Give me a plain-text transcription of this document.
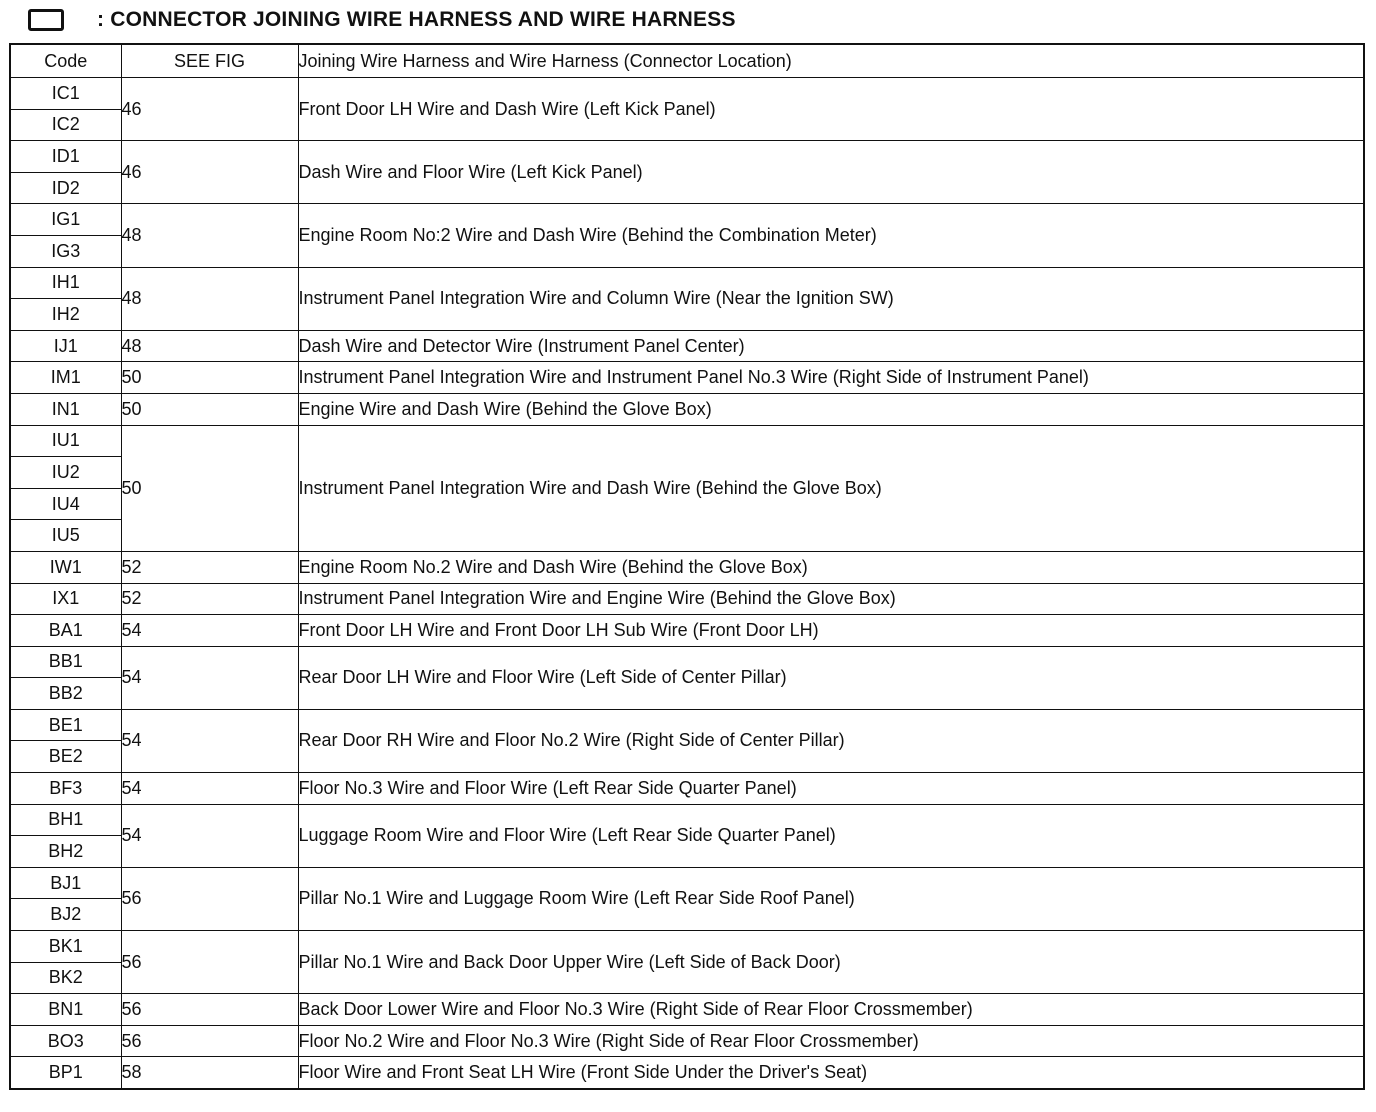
: CONNECTOR JOINING WIRE HARNESS AND WIRE HARNESS
Code	SEE FIG	Joining Wire Harness and Wire Harness (Connector Location)
IC1	46	Front Door LH Wire and Dash Wire (Left Kick Panel)
IC2		
ID1	46	Dash Wire and Floor Wire (Left Kick Panel)
ID2		
IG1	48	Engine Room No:2 Wire and Dash Wire (Behind the Combination Meter)
IG3		
IH1	48	Instrument Panel Integration Wire and Column Wire (Near the Ignition SW)
IH2		
IJ1	48	Dash Wire and Detector Wire (Instrument Panel Center)
IM1	50	Instrument Panel Integration Wire and Instrument Panel No.3 Wire (Right Side of Instrument Panel)
IN1	50	Engine Wire and Dash Wire (Behind the Glove Box)
IU1	50	Instrument Panel Integration Wire and Dash Wire (Behind the Glove Box)
IU2		
IU4		
IU5		
IW1	52	Engine Room No.2 Wire and Dash Wire (Behind the Glove Box)
IX1	52	Instrument Panel Integration Wire and Engine Wire (Behind the Glove Box)
BA1	54	Front Door LH Wire and Front Door LH Sub Wire (Front Door LH)
BB1	54	Rear Door LH Wire and Floor Wire (Left Side of Center Pillar)
BB2		
BE1	54	Rear Door RH Wire and Floor No.2 Wire (Right Side of Center Pillar)
BE2		
BF3	54	Floor No.3 Wire and Floor Wire (Left Rear Side Quarter Panel)
BH1	54	Luggage Room Wire and Floor Wire (Left Rear Side Quarter Panel)
BH2		
BJ1	56	Pillar No.1 Wire and Luggage Room Wire (Left Rear Side Roof Panel)
BJ2		
BK1	56	Pillar No.1 Wire and Back Door Upper Wire (Left Side of Back Door)
BK2		
BN1	56	Back Door Lower Wire and Floor No.3 Wire (Right Side of Rear Floor Crossmember)
BO3	56	Floor No.2 Wire and Floor No.3 Wire (Right Side of Rear Floor Crossmember)
BP1	58	Floor Wire and Front Seat LH Wire (Front Side Under the Driver's Seat)
